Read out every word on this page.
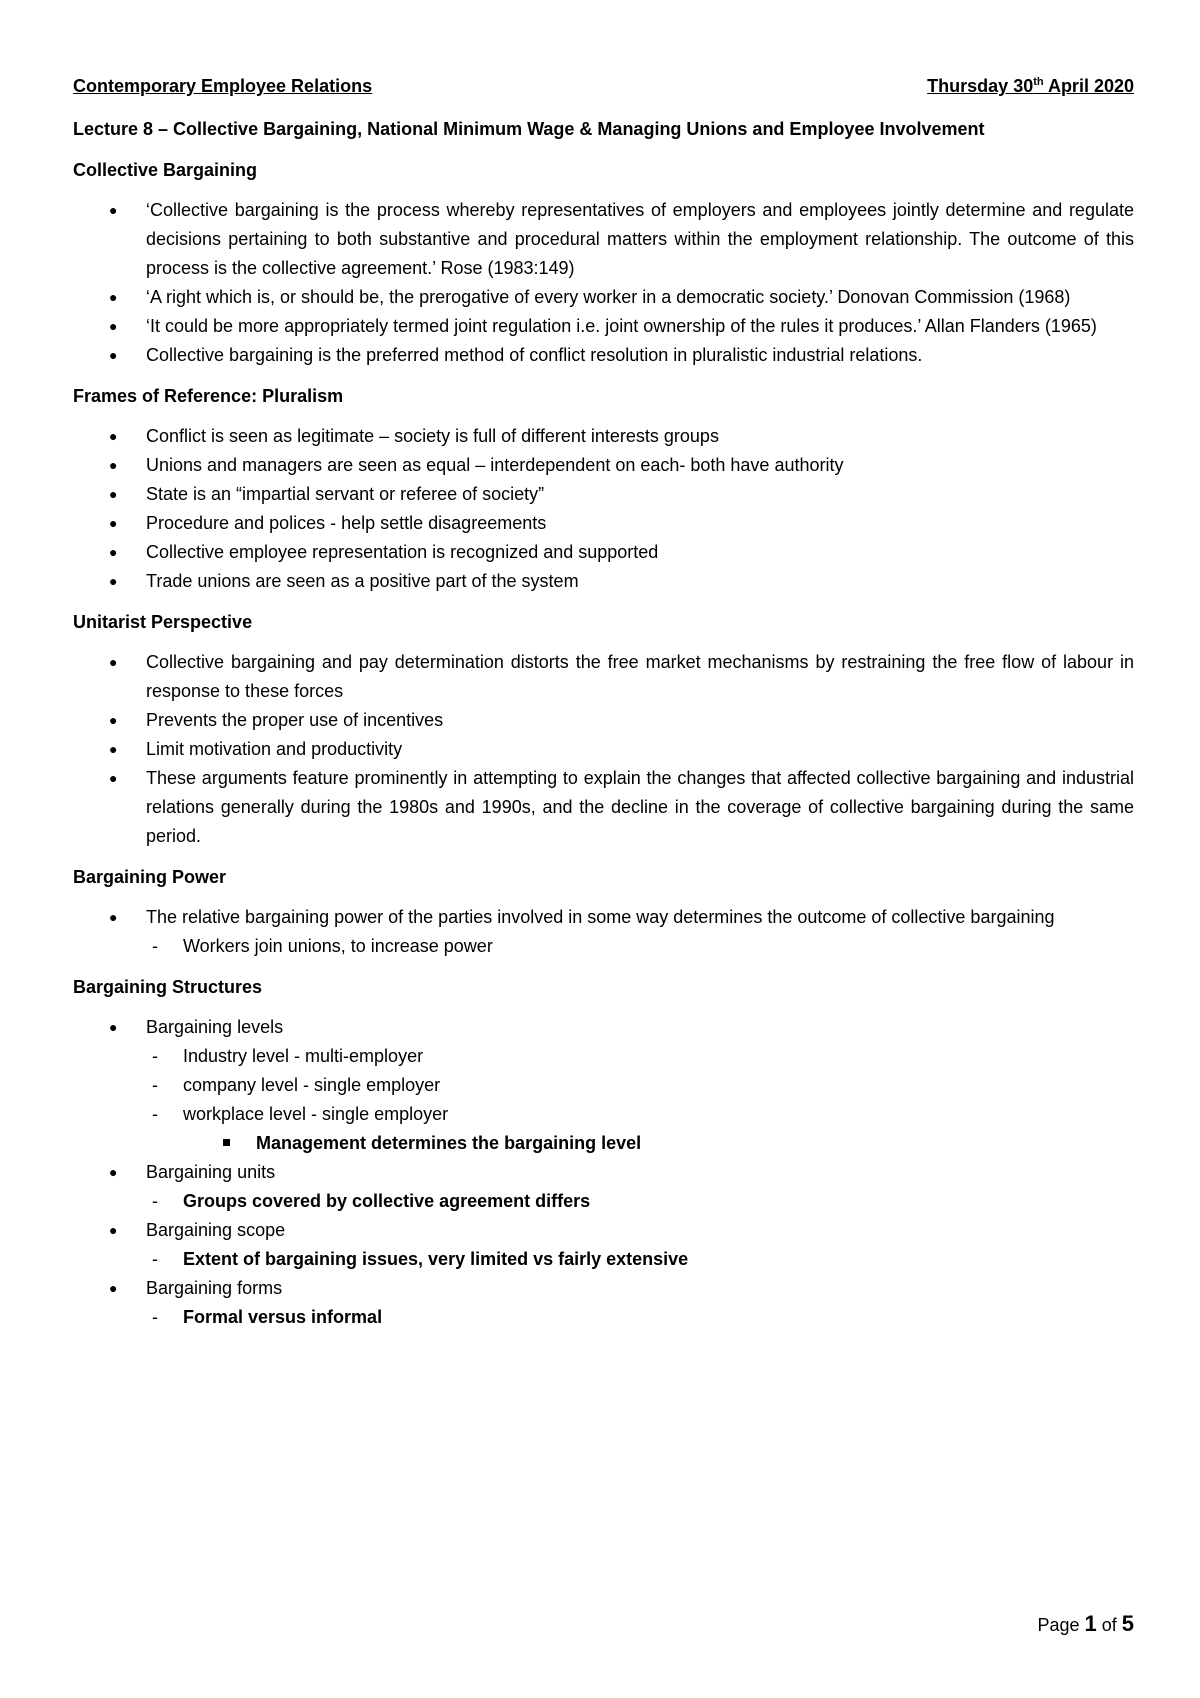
Contemporary Employee Relations	Thursday 30th April 2020
Lecture 8 – Collective Bargaining, National Minimum Wage & Managing Unions and Employee Involvement
Collective Bargaining
● ‘Collective bargaining is the process whereby representatives of employers and employees jointly determine and regulate decisions pertaining to both substantive and procedural matters within the employment relationship. The outcome of this process is the collective agreement.’ Rose (1983:149)
● ‘A right which is, or should be, the prerogative of every worker in a democratic society.’ Donovan Commission (1968)
● ‘It could be more appropriately termed joint regulation i.e. joint ownership of the rules it produces.’ Allan Flanders (1965)
● Collective bargaining is the preferred method of conflict resolution in pluralistic industrial relations.
Frames of Reference: Pluralism
● Conflict is seen as legitimate – society is full of different interests groups
● Unions and managers are seen as equal – interdependent on each- both have authority
● State is an “impartial servant or referee of society”
● Procedure and polices - help settle disagreements
● Collective employee representation is recognized and supported
● Trade unions are seen as a positive part of the system
Unitarist Perspective
● Collective bargaining and pay determination distorts the free market mechanisms by restraining the free flow of labour in response to these forces
● Prevents the proper use of incentives
● Limit motivation and productivity
● These arguments feature prominently in attempting to explain the changes that affected collective bargaining and industrial relations generally during the 1980s and 1990s, and the decline in the coverage of collective bargaining during the same period.
Bargaining Power
● The relative bargaining power of the parties involved in some way determines the outcome of collective bargaining
- Workers join unions, to increase power
Bargaining Structures
● Bargaining levels
- Industry level - multi-employer
- company level - single employer
- workplace level - single employer
Management determines the bargaining level
● Bargaining units
- Groups covered by collective agreement differs
● Bargaining scope
- Extent of bargaining issues, very limited vs fairly extensive
● Bargaining forms
- Formal versus informal
Page 1 of 5
